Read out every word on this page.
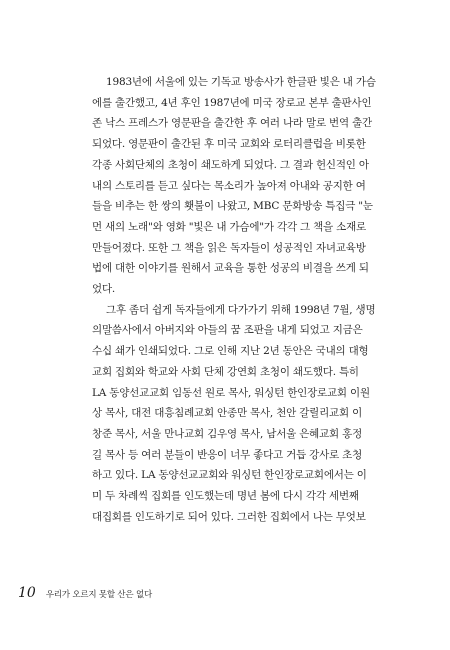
1983년에 서울에 있는 기독교 방송사가 한글판 빛은 내 가슴
에를 출간했고, 4년 후인 1987년에 미국 장로교 본부 출판사인
존 낙스 프레스가 영문판을 출간한 후 여러 나라 말로 번역 출간
되었다. 영문판이 출간된 후 미국 교회와 로터리클럽을 비롯한
각종 사회단체의 초청이 쇄도하게 되었다. 그 결과 헌신적인 아
내의 스토리를 듣고 싶다는 목소리가 높아져 아내와 공지한 여
들을 비추는 한 쌍의 횃불이 나왔고, MBC 문화방송 특집극 "눈
먼 새의 노래"와 영화 "빛은 내 가슴에"가 각각 그 책을 소재로
만들어졌다. 또한 그 책을 읽은 독자들이 성공적인 자녀교육방
법에 대한 이야기를 원해서 교육을 통한 성공의 비결을 쓰게 되
었다.

그후 좀더 쉽게 독자들에게 다가가기 위해 1998년 7월, 생명
의말씀사에서 아버지와 아들의 꿈 조판을 내게 되었고 지금은
수십 쇄가 인쇄되었다. 그로 인해 지난 2년 동안은 국내의 대형
교회 집회와 학교와 사회 단체 강연회 초청이 쇄도했다. 특히
LA 동양선교교회 임동선 원로 목사, 워싱턴 한인장로교회 이원
상 목사, 대전 대흥침례교회 안종만 목사, 천안 갈릴리교회 이
창준 목사, 서울 만나교회 김우영 목사, 남서울 은혜교회 홍정
길 목사 등 여러 분들이 반응이 너무 좋다고 거듭 강사로 초청
하고 있다. LA 동양선교교회와 워싱턴 한인장로교회에서는 이
미 두 차례씩 집회를 인도했는데 명년 봄에 다시 각각 세번째
대집회를 인도하기로 되어 있다. 그러한 집회에서 나는 무엇보

10 우리가 오르지 못할 산은 없다
